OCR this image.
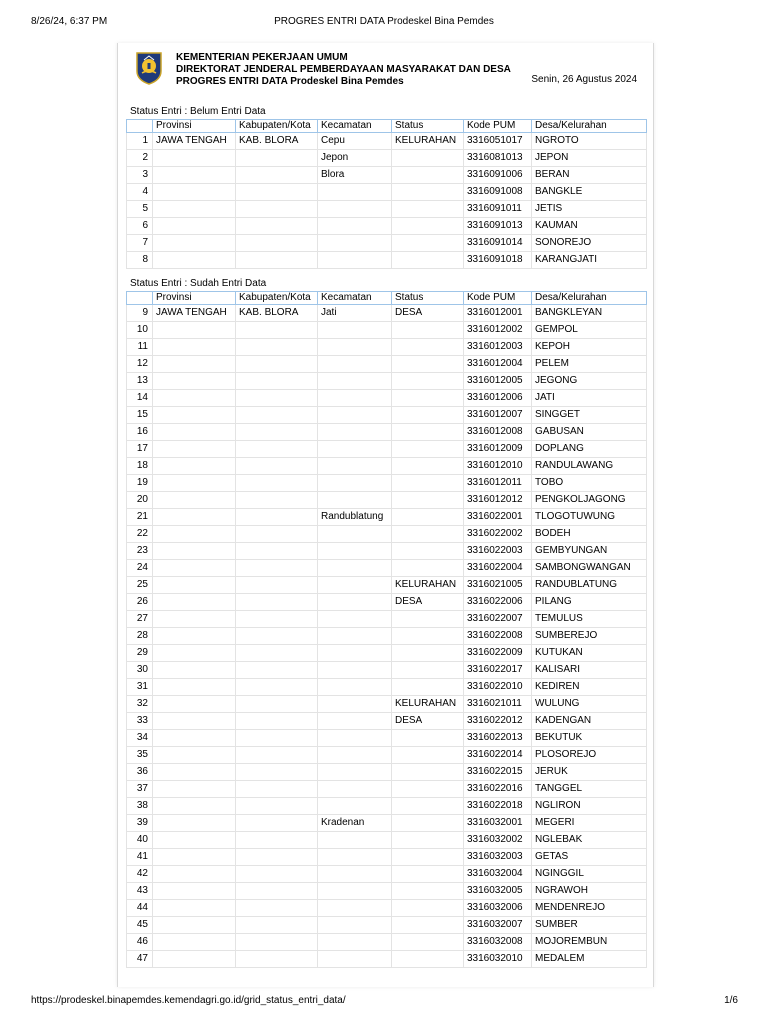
8/26/24, 6:37 PM	PROGRES ENTRI DATA Prodeskel Bina Pemdes
KEMENTERIAN PEKERJAAN UMUM
DIREKTORAT JENDERAL PEMBERDAYAAN MASYARAKAT DAN DESA
PROGRES ENTRI DATA Prodeskel Bina Pemdes	Senin, 26 Agustus 2024
Status Entri : Belum Entri Data
	Provinsi	Kabupaten/Kota	Kecamatan	Status	Kode PUM	Desa/Kelurahan
1	JAWA TENGAH	KAB. BLORA	Cepu	KELURAHAN	3316051017	NGROTO
2			Jepon		3316081013	JEPON
3			Blora		3316091006	BERAN
4					3316091008	BANGKLE
5					3316091011	JETIS
6					3316091013	KAUMAN
7					3316091014	SONOREJO
8					3316091018	KARANGJATI
Status Entri : Sudah Entri Data
	Provinsi	Kabupaten/Kota	Kecamatan	Status	Kode PUM	Desa/Kelurahan
9	JAWA TENGAH	KAB. BLORA	Jati	DESA	3316012001	BANGKLEYAN
10					3316012002	GEMPOL
11					3316012003	KEPOH
12					3316012004	PELEM
13					3316012005	JEGONG
14					3316012006	JATI
15					3316012007	SINGGET
16					3316012008	GABUSAN
17					3316012009	DOPLANG
18					3316012010	RANDULAWANG
19					3316012011	TOBO
20					3316012012	PENGKOLJAGONG
21			Randublatung		3316022001	TLOGOTUWUNG
22					3316022002	BODEH
23					3316022003	GEMBYUNGAN
24					3316022004	SAMBONGWANGAN
25				KELURAHAN	3316021005	RANDUBLATUNG
26				DESA	3316022006	PILANG
27					3316022007	TEMULUS
28					3316022008	SUMBEREJO
29					3316022009	KUTUKAN
30					3316022017	KALISARI
31					3316022010	KEDIREN
32				KELURAHAN	3316021011	WULUNG
33				DESA	3316022012	KADENGAN
34					3316022013	BEKUTUK
35					3316022014	PLOSOREJO
36					3316022015	JERUK
37					3316022016	TANGGEL
38					3316022018	NGLIRON
39			Kradenan		3316032001	MEGERI
40					3316032002	NGLEBAK
41					3316032003	GETAS
42					3316032004	NGINGGIL
43					3316032005	NGRAWOH
44					3316032006	MENDENREJO
45					3316032007	SUMBER
46					3316032008	MOJOREMBUN
47					3316032010	MEDALEM
https://prodeskel.binapemdes.kemendagri.go.id/grid_status_entri_data/	1/6
